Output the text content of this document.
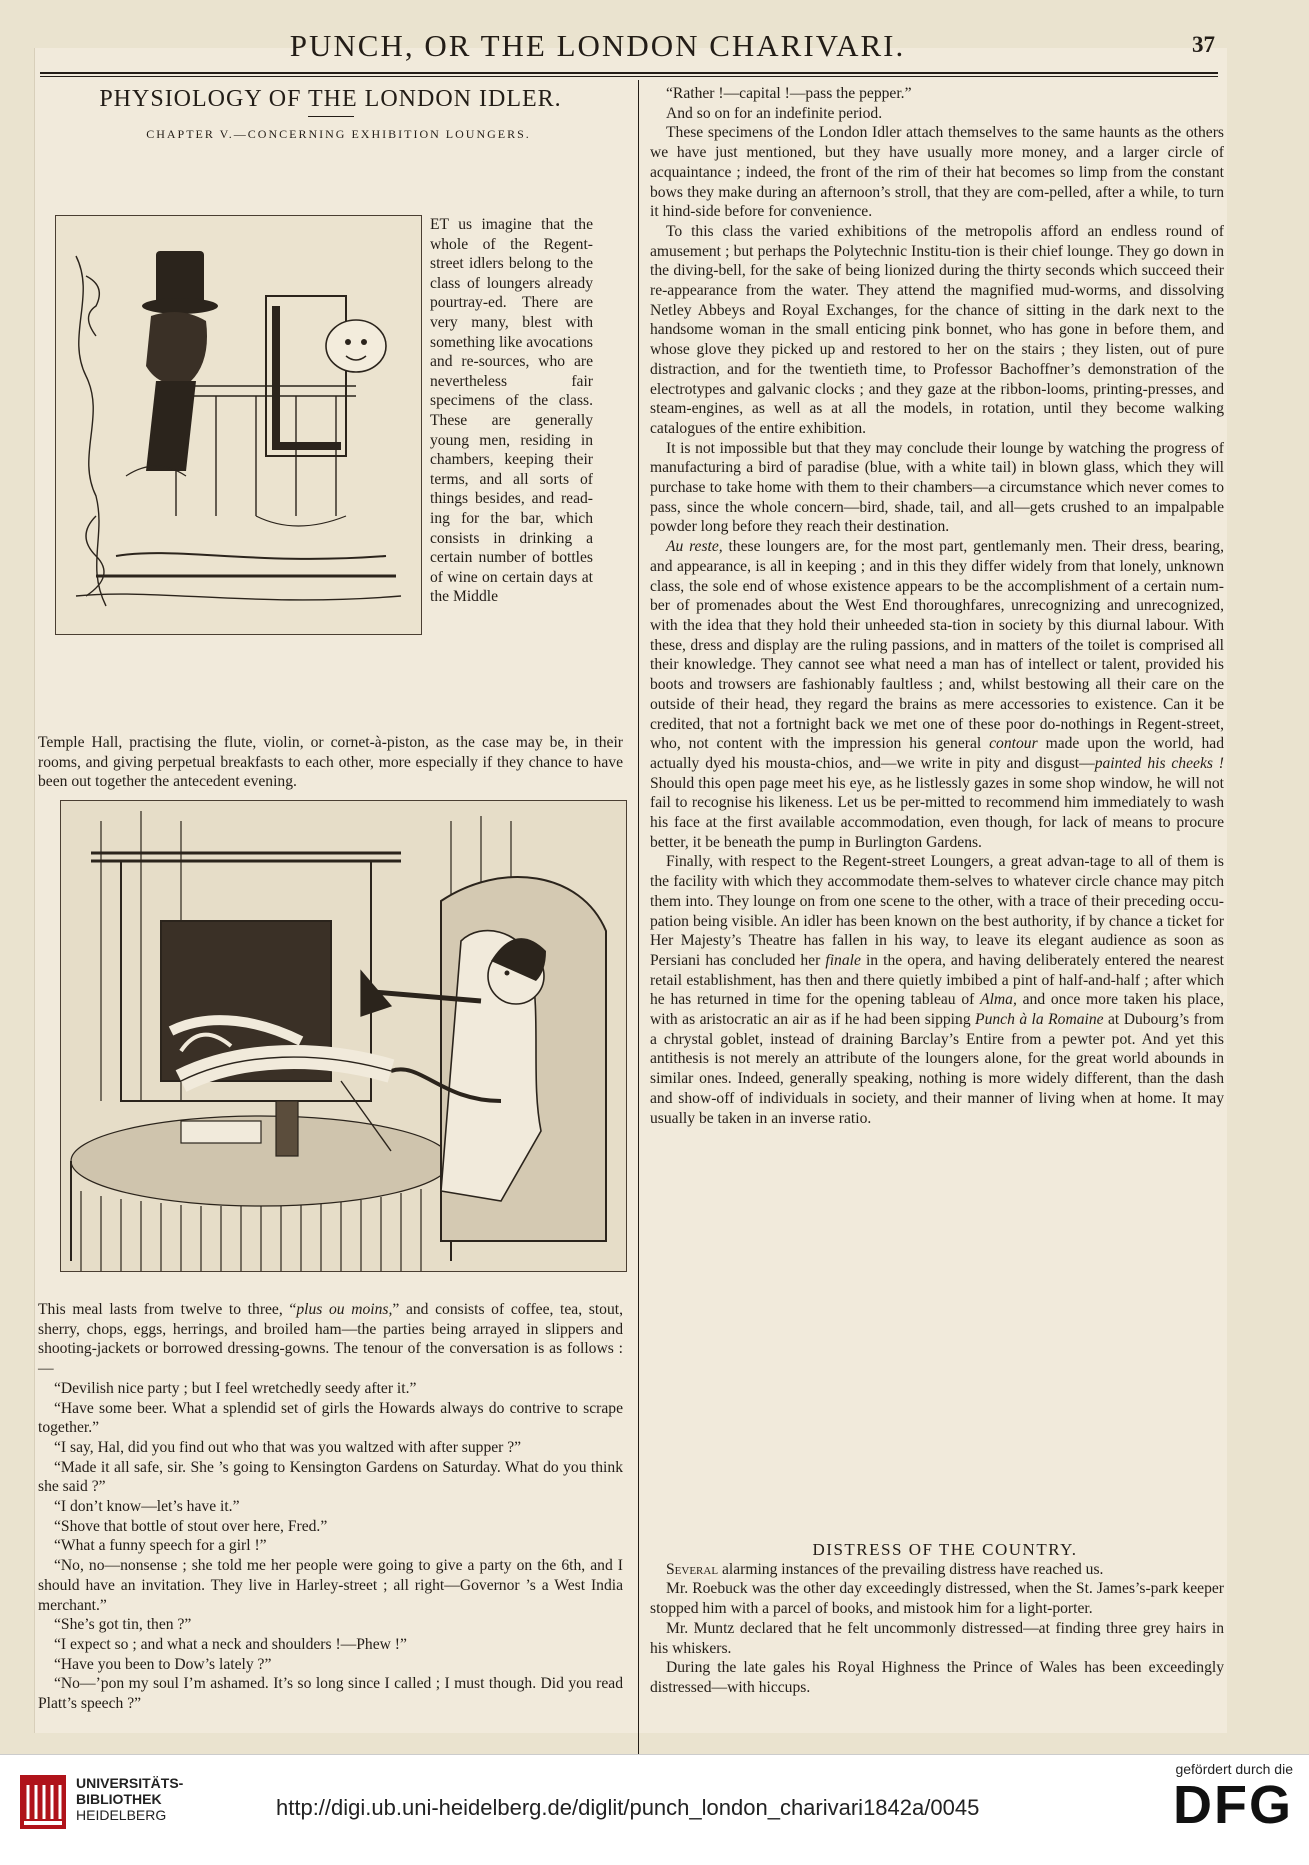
PUNCH, OR THE LONDON CHARIVARI.	37
PHYSIOLOGY OF THE LONDON IDLER.

CHAPTER V.—CONCERNING EXHIBITION LOUNGERS.

ET us imagine that the whole of the Regent-street idlers belong to the class of loungers already pourtray-ed. There are very many, blest with something like avocations and re-sources, who are nevertheless fair specimens of the class. These are generally young men, residing in chambers, keeping their terms, and all sorts of things besides, and read-ing for the bar, which consists in drinking a certain number of bottles of wine on certain days at the Middle

Temple Hall, practising the flute, violin, or cornet-à-piston, as the case may be, in their rooms, and giving perpetual breakfasts to each other, more especially if they chance to have been out together the antecedent evening.

This meal lasts from twelve to three, “plus ou moins,” and consists of coffee, tea, stout, sherry, chops, eggs, herrings, and broiled ham—the parties being arrayed in slippers and shooting-jackets or borrowed dressing-gowns. The tenour of the conversation is as follows :—

“Devilish nice party ; but I feel wretchedly seedy after it.”

“Have some beer. What a splendid set of girls the Howards always do contrive to scrape together.”

“I say, Hal, did you find out who that was you waltzed with after supper ?”

“Made it all safe, sir. She ’s going to Kensington Gardens on Saturday. What do you think she said ?”

“I don’t know—let’s have it.”

“Shove that bottle of stout over here, Fred.”

“What a funny speech for a girl !”

“No, no—nonsense ; she told me her people were going to give a party on the 6th, and I should have an invitation. They live in Harley-street ; all right—Governor ’s a West India merchant.”

“She’s got tin, then ?”

“I expect so ; and what a neck and shoulders !—Phew !”

“Have you been to Dow’s lately ?”

“No—’pon my soul I’m ashamed. It’s so long since I called ; I must though. Did you read Platt’s speech ?”

“Rather !—capital !—pass the pepper.”

And so on for an indefinite period.

These specimens of the London Idler attach themselves to the same haunts as the others we have just mentioned, but they have usually more money, and a larger circle of acquaintance ; indeed, the front of the rim of their hat becomes so limp from the constant bows they make during an afternoon’s stroll, that they are com-pelled, after a while, to turn it hind-side before for convenience.

To this class the varied exhibitions of the metropolis afford an endless round of amusement ; but perhaps the Polytechnic Institu-tion is their chief lounge. They go down in the diving-bell, for the sake of being lionized during the thirty seconds which succeed their re-appearance from the water. They attend the magnified mud-worms, and dissolving Netley Abbeys and Royal Exchanges, for the chance of sitting in the dark next to the handsome woman in the small enticing pink bonnet, who has gone in before them, and whose glove they picked up and restored to her on the stairs ; they listen, out of pure distraction, and for the twentieth time, to Professor Bachoffner’s demonstration of the electrotypes and galvanic clocks ; and they gaze at the ribbon-looms, printing-presses, and steam-engines, as well as at all the models, in rotation, until they become walking catalogues of the entire exhibition.

It is not impossible but that they may conclude their lounge by watching the progress of manufacturing a bird of paradise (blue, with a white tail) in blown glass, which they will purchase to take home with them to their chambers—a circumstance which never comes to pass, since the whole concern—bird, shade, tail, and all—gets crushed to an impalpable powder long before they reach their destination.

Au reste, these loungers are, for the most part, gentlemanly men. Their dress, bearing, and appearance, is all in keeping ; and in this they differ widely from that lonely, unknown class, the sole end of whose existence appears to be the accomplishment of a certain num-ber of promenades about the West End thoroughfares, unrecognizing and unrecognized, with the idea that they hold their unheeded sta-tion in society by this diurnal labour. With these, dress and display are the ruling passions, and in matters of the toilet is comprised all their knowledge. They cannot see what need a man has of intellect or talent, provided his boots and trowsers are fashionably faultless ; and, whilst bestowing all their care on the outside of their head, they regard the brains as mere accessories to existence. Can it be credited, that not a fortnight back we met one of these poor do-nothings in Regent-street, who, not content with the impression his general contour made upon the world, had actually dyed his mousta-chios, and—we write in pity and disgust—painted his cheeks ! Should this open page meet his eye, as he listlessly gazes in some shop window, he will not fail to recognise his likeness. Let us be per-mitted to recommend him immediately to wash his face at the first available accommodation, even though, for lack of means to procure better, it be beneath the pump in Burlington Gardens.

Finally, with respect to the Regent-street Loungers, a great advan-tage to all of them is the facility with which they accommodate them-selves to whatever circle chance may pitch them into. They lounge on from one scene to the other, with a trace of their preceding occu-pation being visible. An idler has been known on the best authority, if by chance a ticket for Her Majesty’s Theatre has fallen in his way, to leave its elegant audience as soon as Persiani has concluded her finale in the opera, and having deliberately entered the nearest retail establishment, has then and there quietly imbibed a pint of half-and-half ; after which he has returned in time for the opening tableau of Alma, and once more taken his place, with as aristocratic an air as if he had been sipping Punch à la Romaine at Dubourg’s from a chrystal goblet, instead of draining Barclay’s Entire from a pewter pot. And yet this antithesis is not merely an attribute of the loungers alone, for the great world abounds in similar ones. Indeed, generally speaking, nothing is more widely different, than the dash and show-off of individuals in society, and their manner of living when at home. It may usually be taken in an inverse ratio.

DISTRESS OF THE COUNTRY.

Several alarming instances of the prevailing distress have reached us.

Mr. Roebuck was the other day exceedingly distressed, when the St. James’s-park keeper stopped him with a parcel of books, and mistook him for a light-porter.

Mr. Muntz declared that he felt uncommonly distressed—at finding three grey hairs in his whiskers.

During the late gales his Royal Highness the Prince of Wales has been exceedingly distressed—with hiccups.

UNIVERSITÄTS-
BIBLIOTHEK
HEIDELBERG	http://digi.ub.uni-heidelberg.de/diglit/punch_london_charivari1842a/0045
gefördert durch die
DFG
